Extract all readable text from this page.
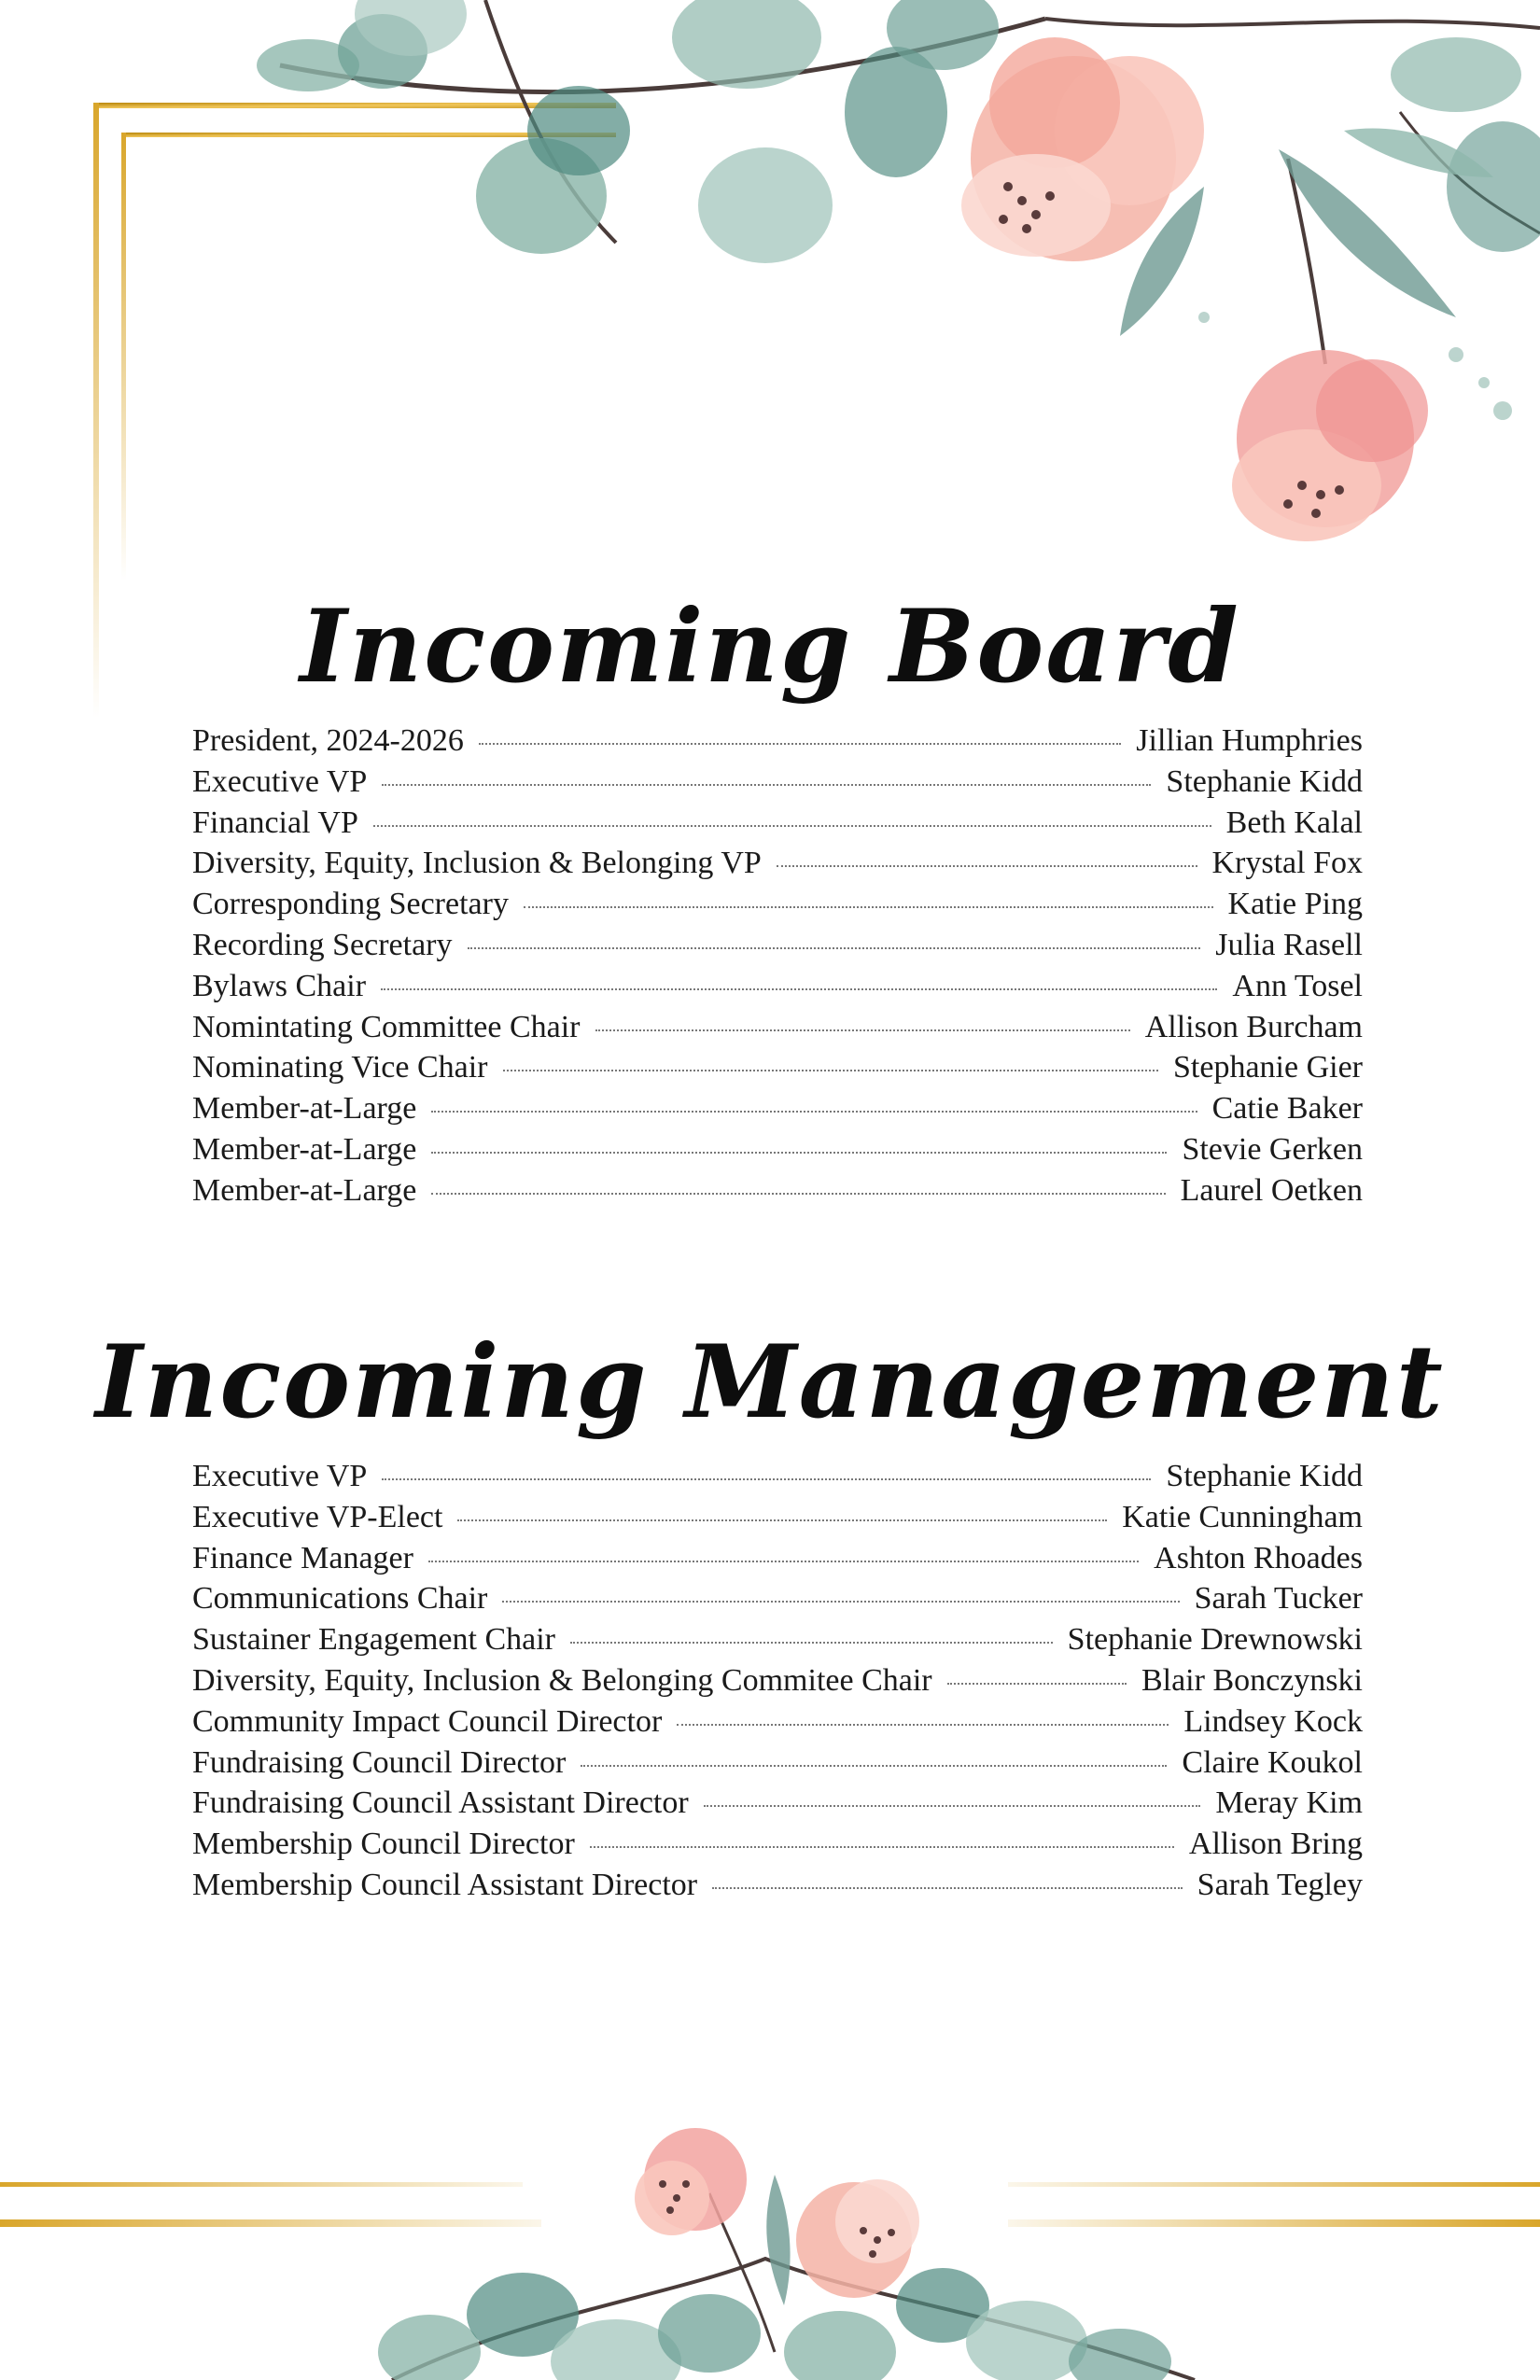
Incoming Board
President, 2024-2026	Jillian Humphries
Executive VP	Stephanie Kidd
Financial VP	Beth Kalal
Diversity, Equity, Inclusion & Belonging VP	Krystal Fox
Corresponding Secretary	Katie Ping
Recording Secretary	Julia Rasell
Bylaws Chair	Ann Tosel
Nomintating Committee Chair	Allison Burcham
Nominating Vice Chair	Stephanie Gier
Member-at-Large	Catie Baker
Member-at-Large	Stevie Gerken
Member-at-Large	Laurel Oetken
Incoming Management
Executive VP	Stephanie Kidd
Executive VP-Elect	Katie Cunningham
Finance Manager	Ashton Rhoades
Communications Chair	Sarah Tucker
Sustainer Engagement Chair	Stephanie Drewnowski
Diversity, Equity, Inclusion & Belonging Commitee Chair	Blair Bonczynski
Community Impact Council Director	Lindsey Kock
Fundraising Council Director	Claire Koukol
Fundraising Council Assistant Director	Meray Kim
Membership Council Director	Allison Bring
Membership Council Assistant Director	Sarah Tegley
